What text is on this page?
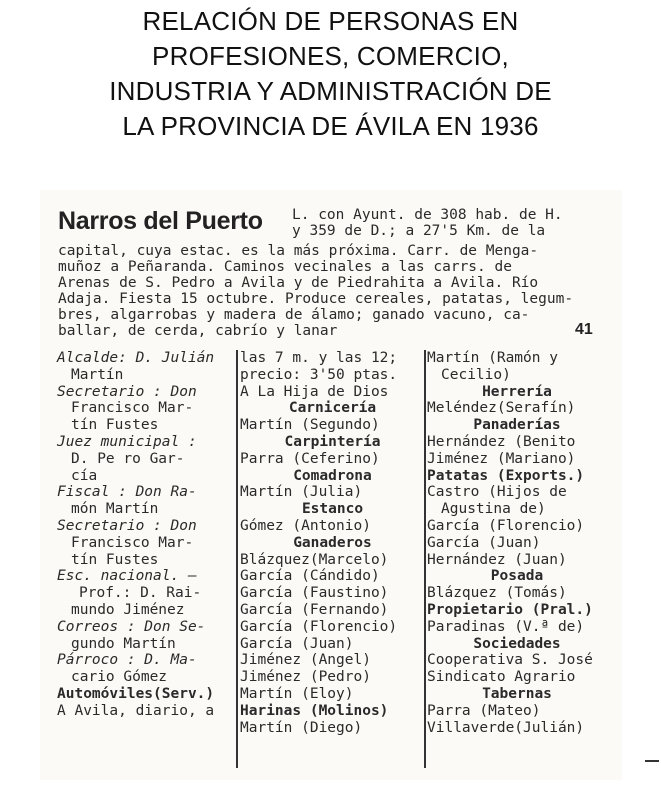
RELACIÓN DE PERSONAS EN
PROFESIONES, COMERCIO,
INDUSTRIA Y ADMINISTRACIÓN DE
LA PROVINCIA DE ÁVILA EN 1936
Narros del Puerto L. con Ayunt. de 308 hab. de H.
y 359 de D.; a 27'5 Km. de la
capital, cuya estac. es la más próxima. Carr. de Menga-
muñoz a Peñaranda. Caminos vecinales a las carrs. de
Arenas de S. Pedro a Avila y de Piedrahita a Avila. Río
Adaja. Fiesta 15 octubre. Produce cereales, patatas, legum-
bres, algarrobas y madera de álamo; ganado vacuno, ca-
ballar, de cerda, cabrío y lanar	41
Alcalde: D. Julián
Martín
Secretario : Don
Francisco Mar-
tín Fustes
Juez municipal :
D. Pe ro Gar-
cía
Fiscal : Don Ra-
món Martín
Secretario : Don
Francisco Mar-
tín Fustes
Esc. nacional. —
Prof.: D. Rai-
mundo Jiménez
Correos : Don Se-
gundo Martín
Párroco : D. Ma-
cario Gómez
Automóviles(Serv.)
A Avila, diario, a
las 7 m. y las 12;
precio: 3'50 ptas.
A La Hija de Dios
Carnicería
Martín (Segundo)
Carpintería
Parra (Ceferino)
Comadrona
Martín (Julia)
Estanco
Gómez (Antonio)
Ganaderos
Blázquez(Marcelo)
García (Cándido)
García (Faustino)
García (Fernando)
García (Florencio)
García (Juan)
Jiménez (Angel)
Jiménez (Pedro)
Martín (Eloy)
Harinas (Molinos)
Martín (Diego)
Martín (Ramón y
Cecilio)
Herrería
Meléndez(Serafín)
Panaderías
Hernández (Benito
Jiménez (Mariano)
Patatas (Exports.)
Castro (Hijos de
Agustina de)
García (Florencio)
García (Juan)
Hernández (Juan)
Posada
Blázquez (Tomás)
Propietario (Pral.)
Paradinas (V.ª de)
Sociedades
Cooperativa S. José
Sindicato Agrario
Tabernas
Parra (Mateo)
Villaverde(Julián)
